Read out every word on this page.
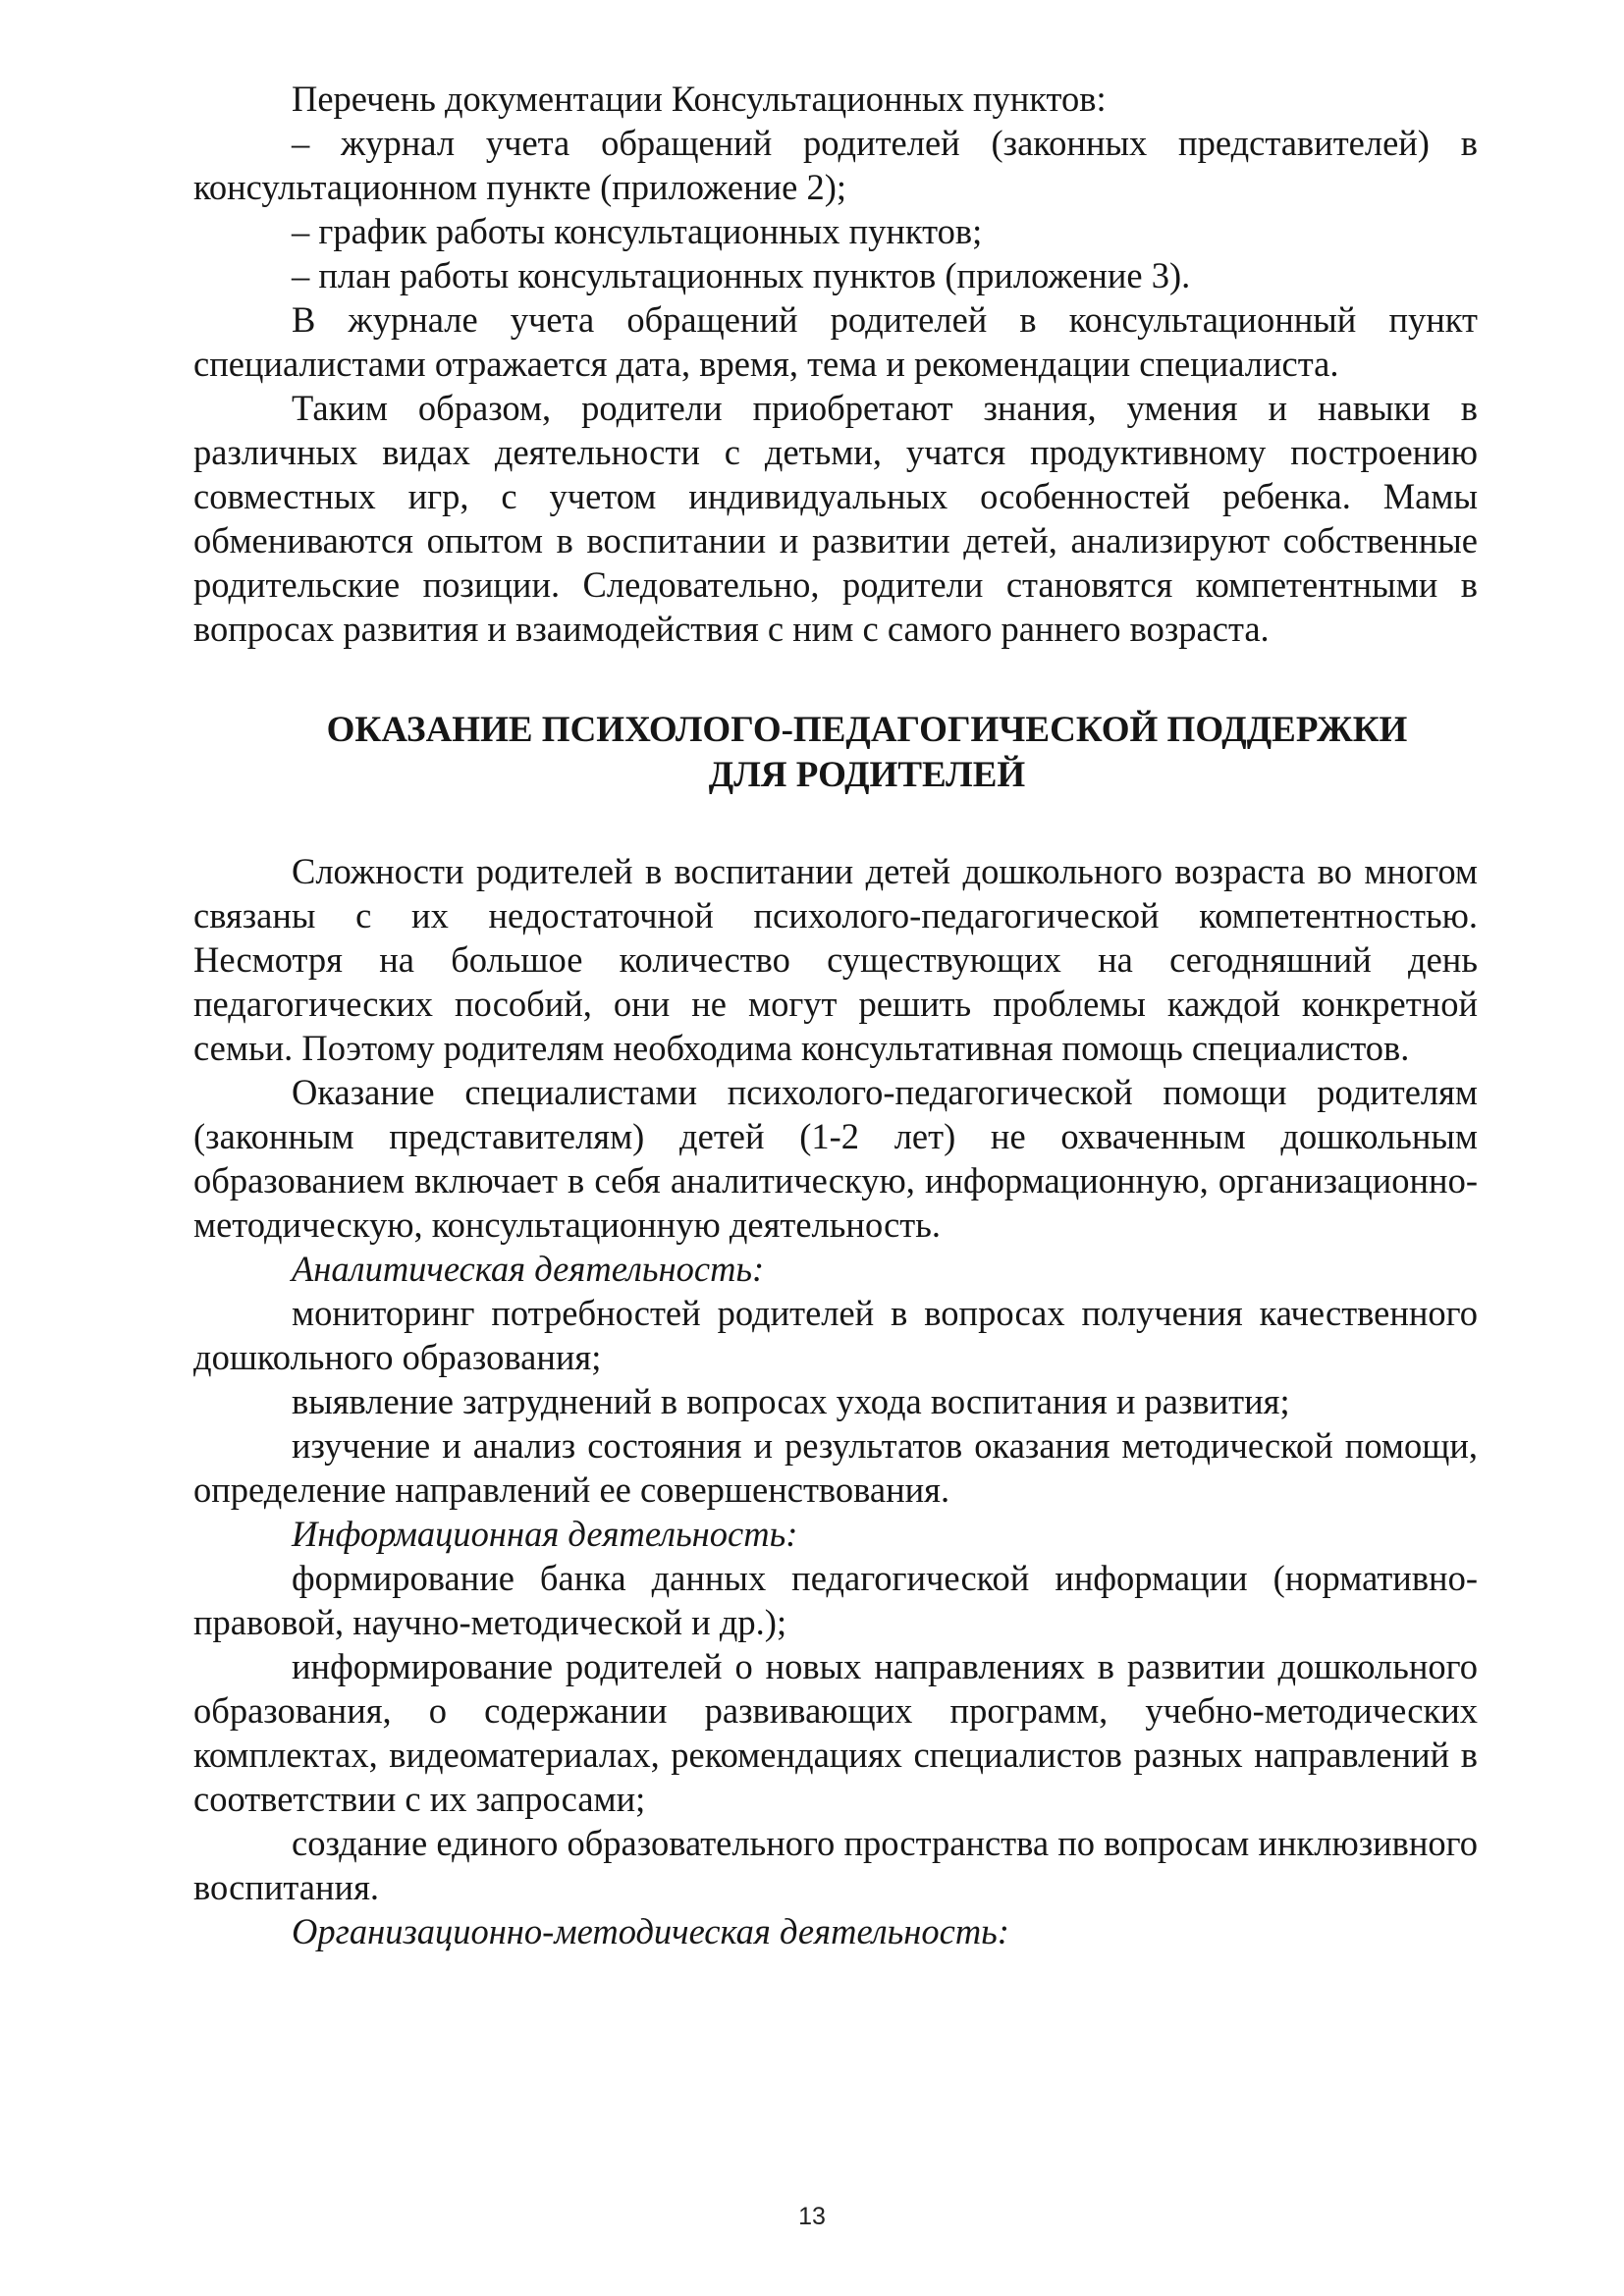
Перечень документации Консультационных пунктов:

– журнал учета обращений родителей (законных представителей) в консультационном пункте (приложение 2);

– график работы консультационных пунктов;

– план работы консультационных пунктов (приложение 3).

В журнале учета обращений родителей в консультационный пункт специалистами отражается дата, время, тема и рекомендации специалиста.

Таким образом, родители приобретают знания, умения и навыки в различных видах деятельности с детьми, учатся продуктивному построению совместных игр, с учетом индивидуальных особенностей ребенка. Мамы обмениваются опытом в воспитании и развитии детей, анализируют собственные родительские позиции. Следовательно, родители становятся компетентными в вопросах развития и взаимодействия с ним с самого раннего возраста.

ОКАЗАНИЕ ПСИХОЛОГО-ПЕДАГОГИЧЕСКОЙ ПОДДЕРЖКИ
ДЛЯ РОДИТЕЛЕЙ

Сложности родителей в воспитании детей дошкольного возраста во многом связаны с их недостаточной психолого-педагогической компетентностью. Несмотря на большое количество существующих на сегодняшний день педагогических пособий, они не могут решить проблемы каждой конкретной семьи. Поэтому родителям необходима консультативная помощь специалистов.

Оказание специалистами психолого-педагогической помощи родителям (законным представителям) детей (1-2 лет) не охваченным дошкольным образованием включает в себя аналитическую, информационную, организационно-методическую, консультационную деятельность.

Аналитическая деятельность:

мониторинг потребностей родителей в вопросах получения качественного дошкольного образования;

выявление затруднений в вопросах ухода воспитания и развития;

изучение и анализ состояния и результатов оказания методической помощи, определение направлений ее совершенствования.

Информационная деятельность:

формирование банка данных педагогической информации (нормативно-правовой, научно-методической и др.);

информирование родителей о новых направлениях в развитии дошкольного образования, о содержании развивающих программ, учебно-методических комплектах, видеоматериалах, рекомендациях специалистов разных направлений в соответствии с их запросами;

создание единого образовательного пространства по вопросам инклюзивного воспитания.

Организационно-методическая деятельность:

13
